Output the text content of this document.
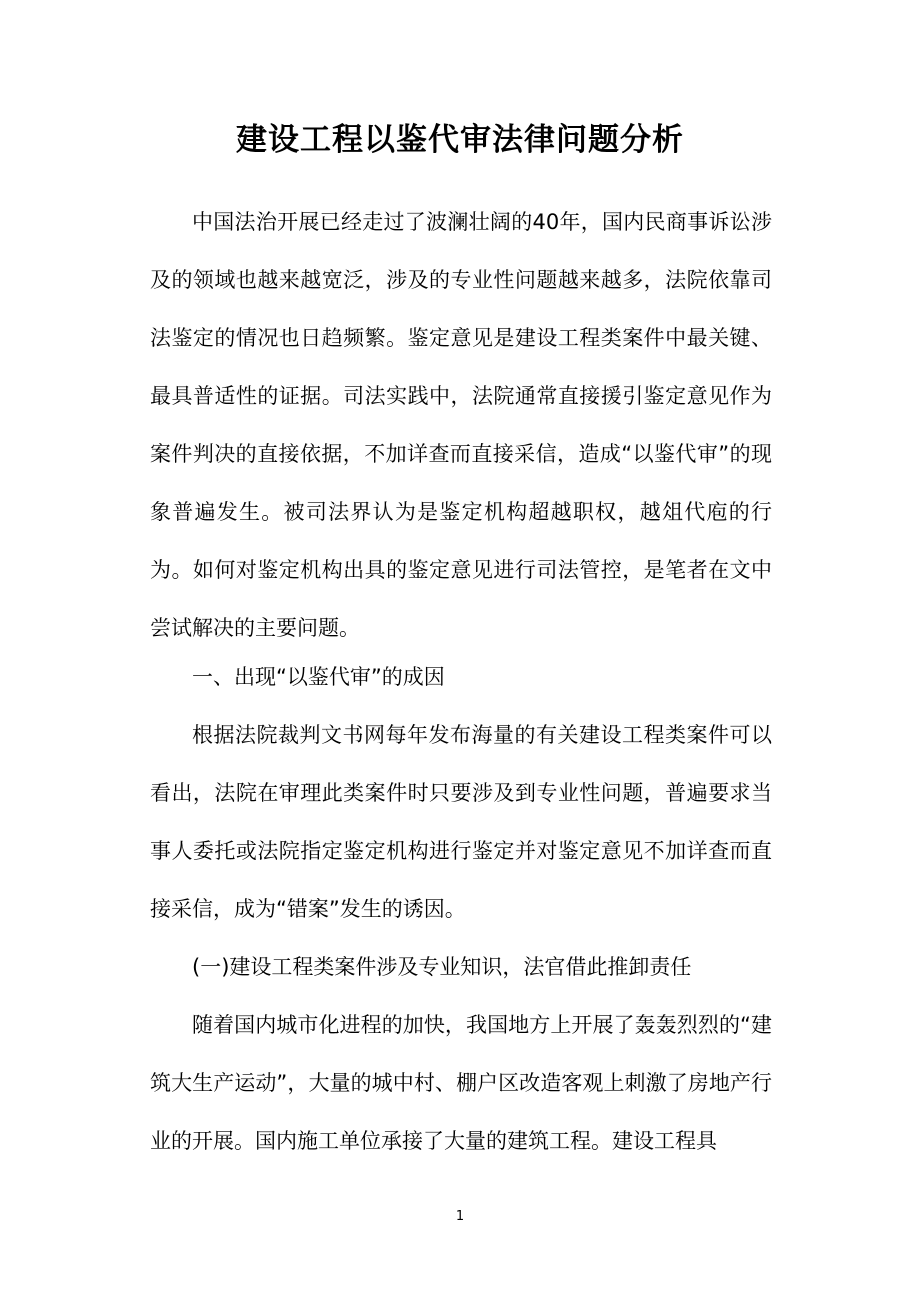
建设工程以鉴代审法律问题分析

中国法治开展已经走过了波澜壮阔的40年，国内民商事诉讼涉及的领域也越来越宽泛，涉及的专业性问题越来越多，法院依靠司法鉴定的情况也日趋频繁。鉴定意见是建设工程类案件中最关键、最具普适性的证据。司法实践中，法院通常直接援引鉴定意见作为案件判决的直接依据，不加详查而直接采信，造成“以鉴代审”的现象普遍发生。被司法界认为是鉴定机构超越职权，越俎代庖的行为。如何对鉴定机构出具的鉴定意见进行司法管控，是笔者在文中尝试解决的主要问题。

一、出现“以鉴代审”的成因

根据法院裁判文书网每年发布海量的有关建设工程类案件可以看出，法院在审理此类案件时只要涉及到专业性问题，普遍要求当事人委托或法院指定鉴定机构进行鉴定并对鉴定意见不加详查而直接采信，成为“错案”发生的诱因。

(一)建设工程类案件涉及专业知识，法官借此推卸责任

随着国内城市化进程的加快，我国地方上开展了轰轰烈烈的“建筑大生产运动”，大量的城中村、棚户区改造客观上刺激了房地产行业的开展。国内施工单位承接了大量的建筑工程。建设工程具

1
